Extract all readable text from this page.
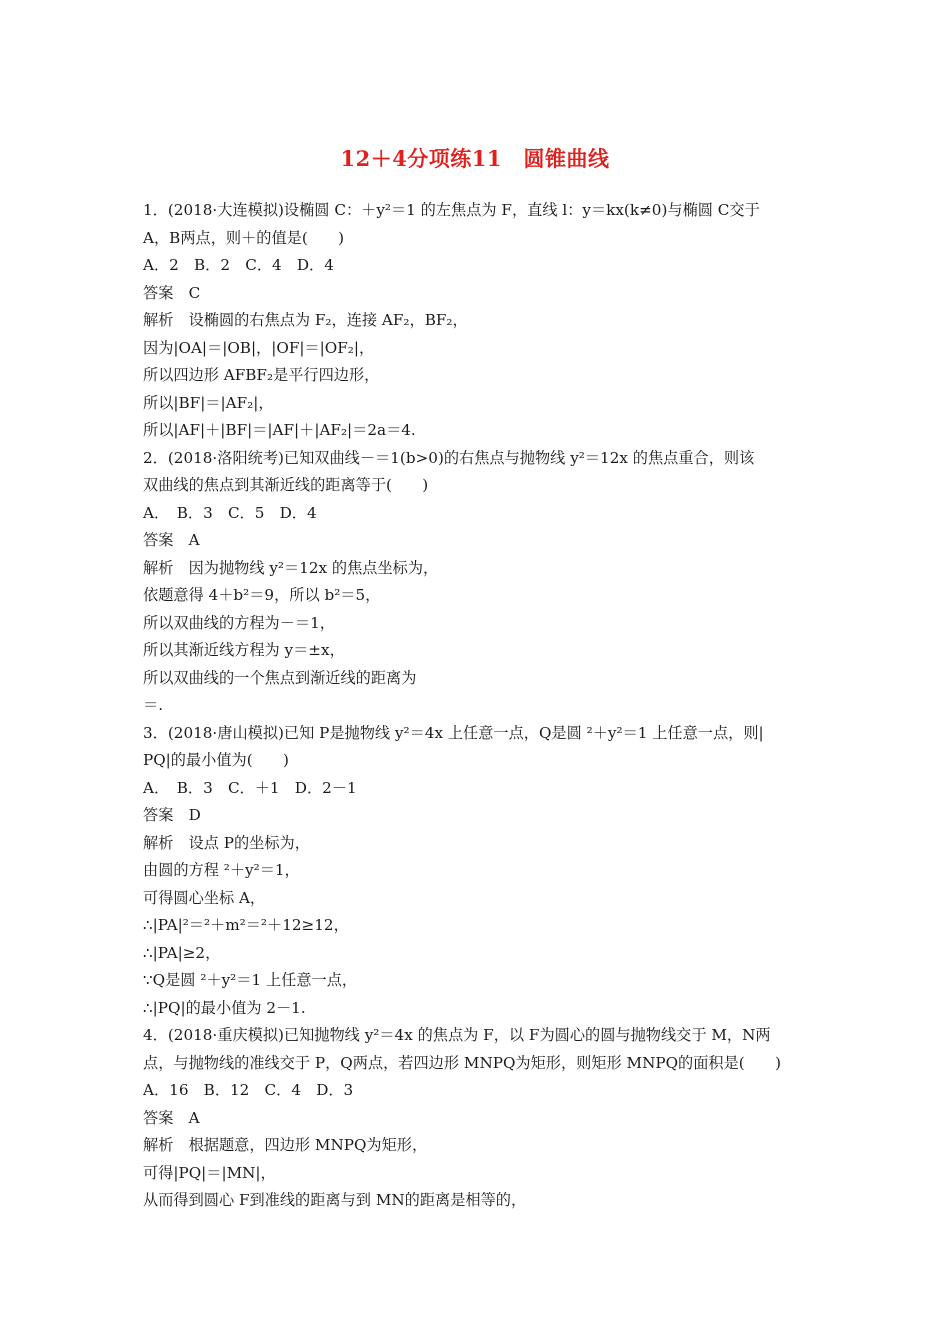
12＋4分项练11　圆锥曲线
1．(2018·大连模拟)设椭圆 C：＋y²＝1 的左焦点为 F，直线 l：y＝kx(k≠0)与椭圆 C交于
A，B两点，则＋的值是(　　)
A．2　B．2　C．4　D．4
答案　C
解析　设椭圆的右焦点为 F₂，连接 AF₂，BF₂，
因为|OA|＝|OB|，|OF|＝|OF₂|，
所以四边形 AFBF₂是平行四边形，
所以|BF|＝|AF₂|，
所以|AF|＋|BF|＝|AF|＋|AF₂|＝2a＝4.
2．(2018·洛阳统考)已知双曲线－＝1(b>0)的右焦点与抛物线 y²＝12x 的焦点重合，则该
双曲线的焦点到其渐近线的距离等于(　　)
A．　B．3　C．5　D．4
答案　A
解析　因为抛物线 y²＝12x 的焦点坐标为，
依题意得 4＋b²＝9，所以 b²＝5，
所以双曲线的方程为－＝1，
所以其渐近线方程为 y＝±x，
所以双曲线的一个焦点到渐近线的距离为
＝.
3．(2018·唐山模拟)已知 P是抛物线 y²＝4x 上任意一点，Q是圆 ²＋y²＝1 上任意一点，则|
PQ|的最小值为(　　)
A．　B．3　C．＋1　D．2－1
答案　D
解析　设点 P的坐标为，
由圆的方程 ²＋y²＝1，
可得圆心坐标 A，
∴|PA|²＝²＋m²＝²＋12≥12，
∴|PA|≥2，
∵Q是圆 ²＋y²＝1 上任意一点，
∴|PQ|的最小值为 2－1.
4．(2018·重庆模拟)已知抛物线 y²＝4x 的焦点为 F，以 F为圆心的圆与抛物线交于 M，N两
点，与抛物线的准线交于 P，Q两点，若四边形 MNPQ为矩形，则矩形 MNPQ的面积是(　　)
A．16　B．12　C．4　D．3
答案　A
解析　根据题意，四边形 MNPQ为矩形，
可得|PQ|＝|MN|，
从而得到圆心 F到准线的距离与到 MN的距离是相等的，
